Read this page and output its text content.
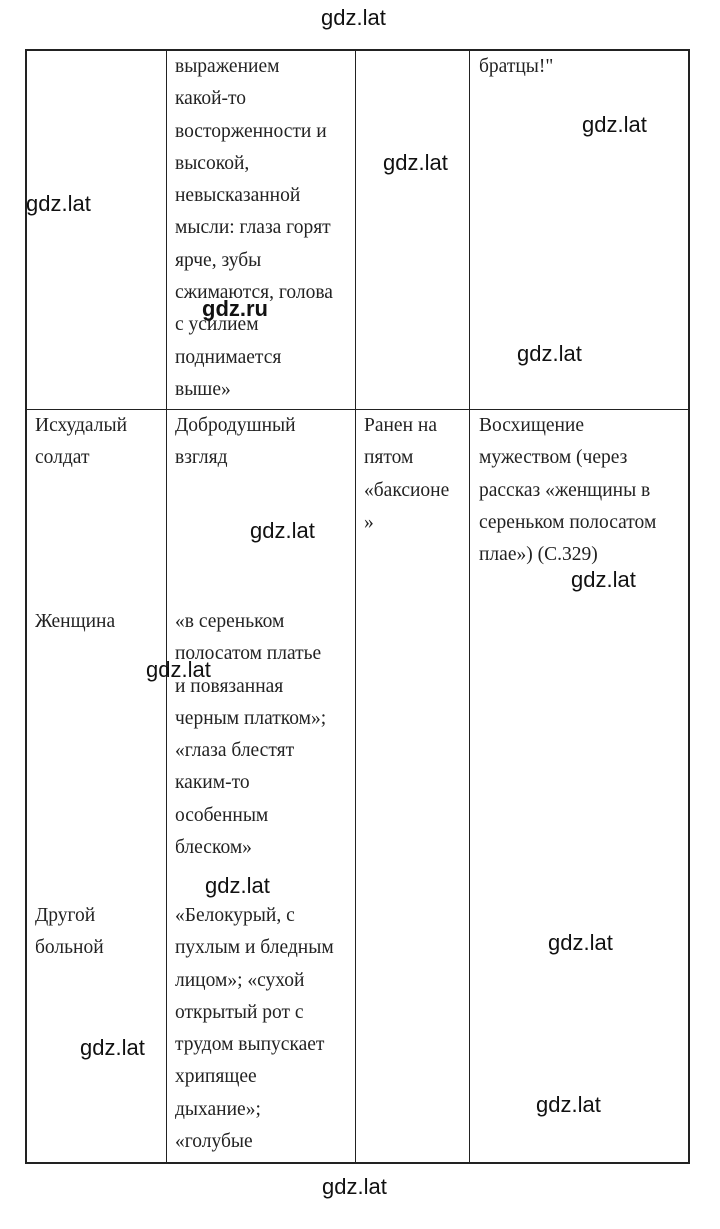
gdz.lat

выражением
какой-то
восторженности и
высокой,
невысказанной
мысли: глаза горят
ярче, зубы
сжимаются, голова
с усилием
поднимается
выше»

братцы!"

Исхудалый
солдат

Добродушный
взгляд

Ранен на
пятом
«баксионе
»

Восхищение
мужеством (через
рассказ «женщины в
сереньком полосатом
плае») (С.329)

Женщина	«в сереньком
полосатом платье
и повязанная
черным платком»;
«глаза блестят
каким-то
особенным
блеском»

Другой
больной

«Белокурый, с
пухлым и бледным
лицом»; «сухой
открытый рот с
трудом выпускает
хрипящее
дыхание»;
«голубые

gdz.lat
gdz.lat
gdz.lat
gdz.ru
gdz.lat
gdz.lat
gdz.lat
gdz.lat
gdz.lat
gdz.lat
gdz.lat
gdz.lat
gdz.lat
